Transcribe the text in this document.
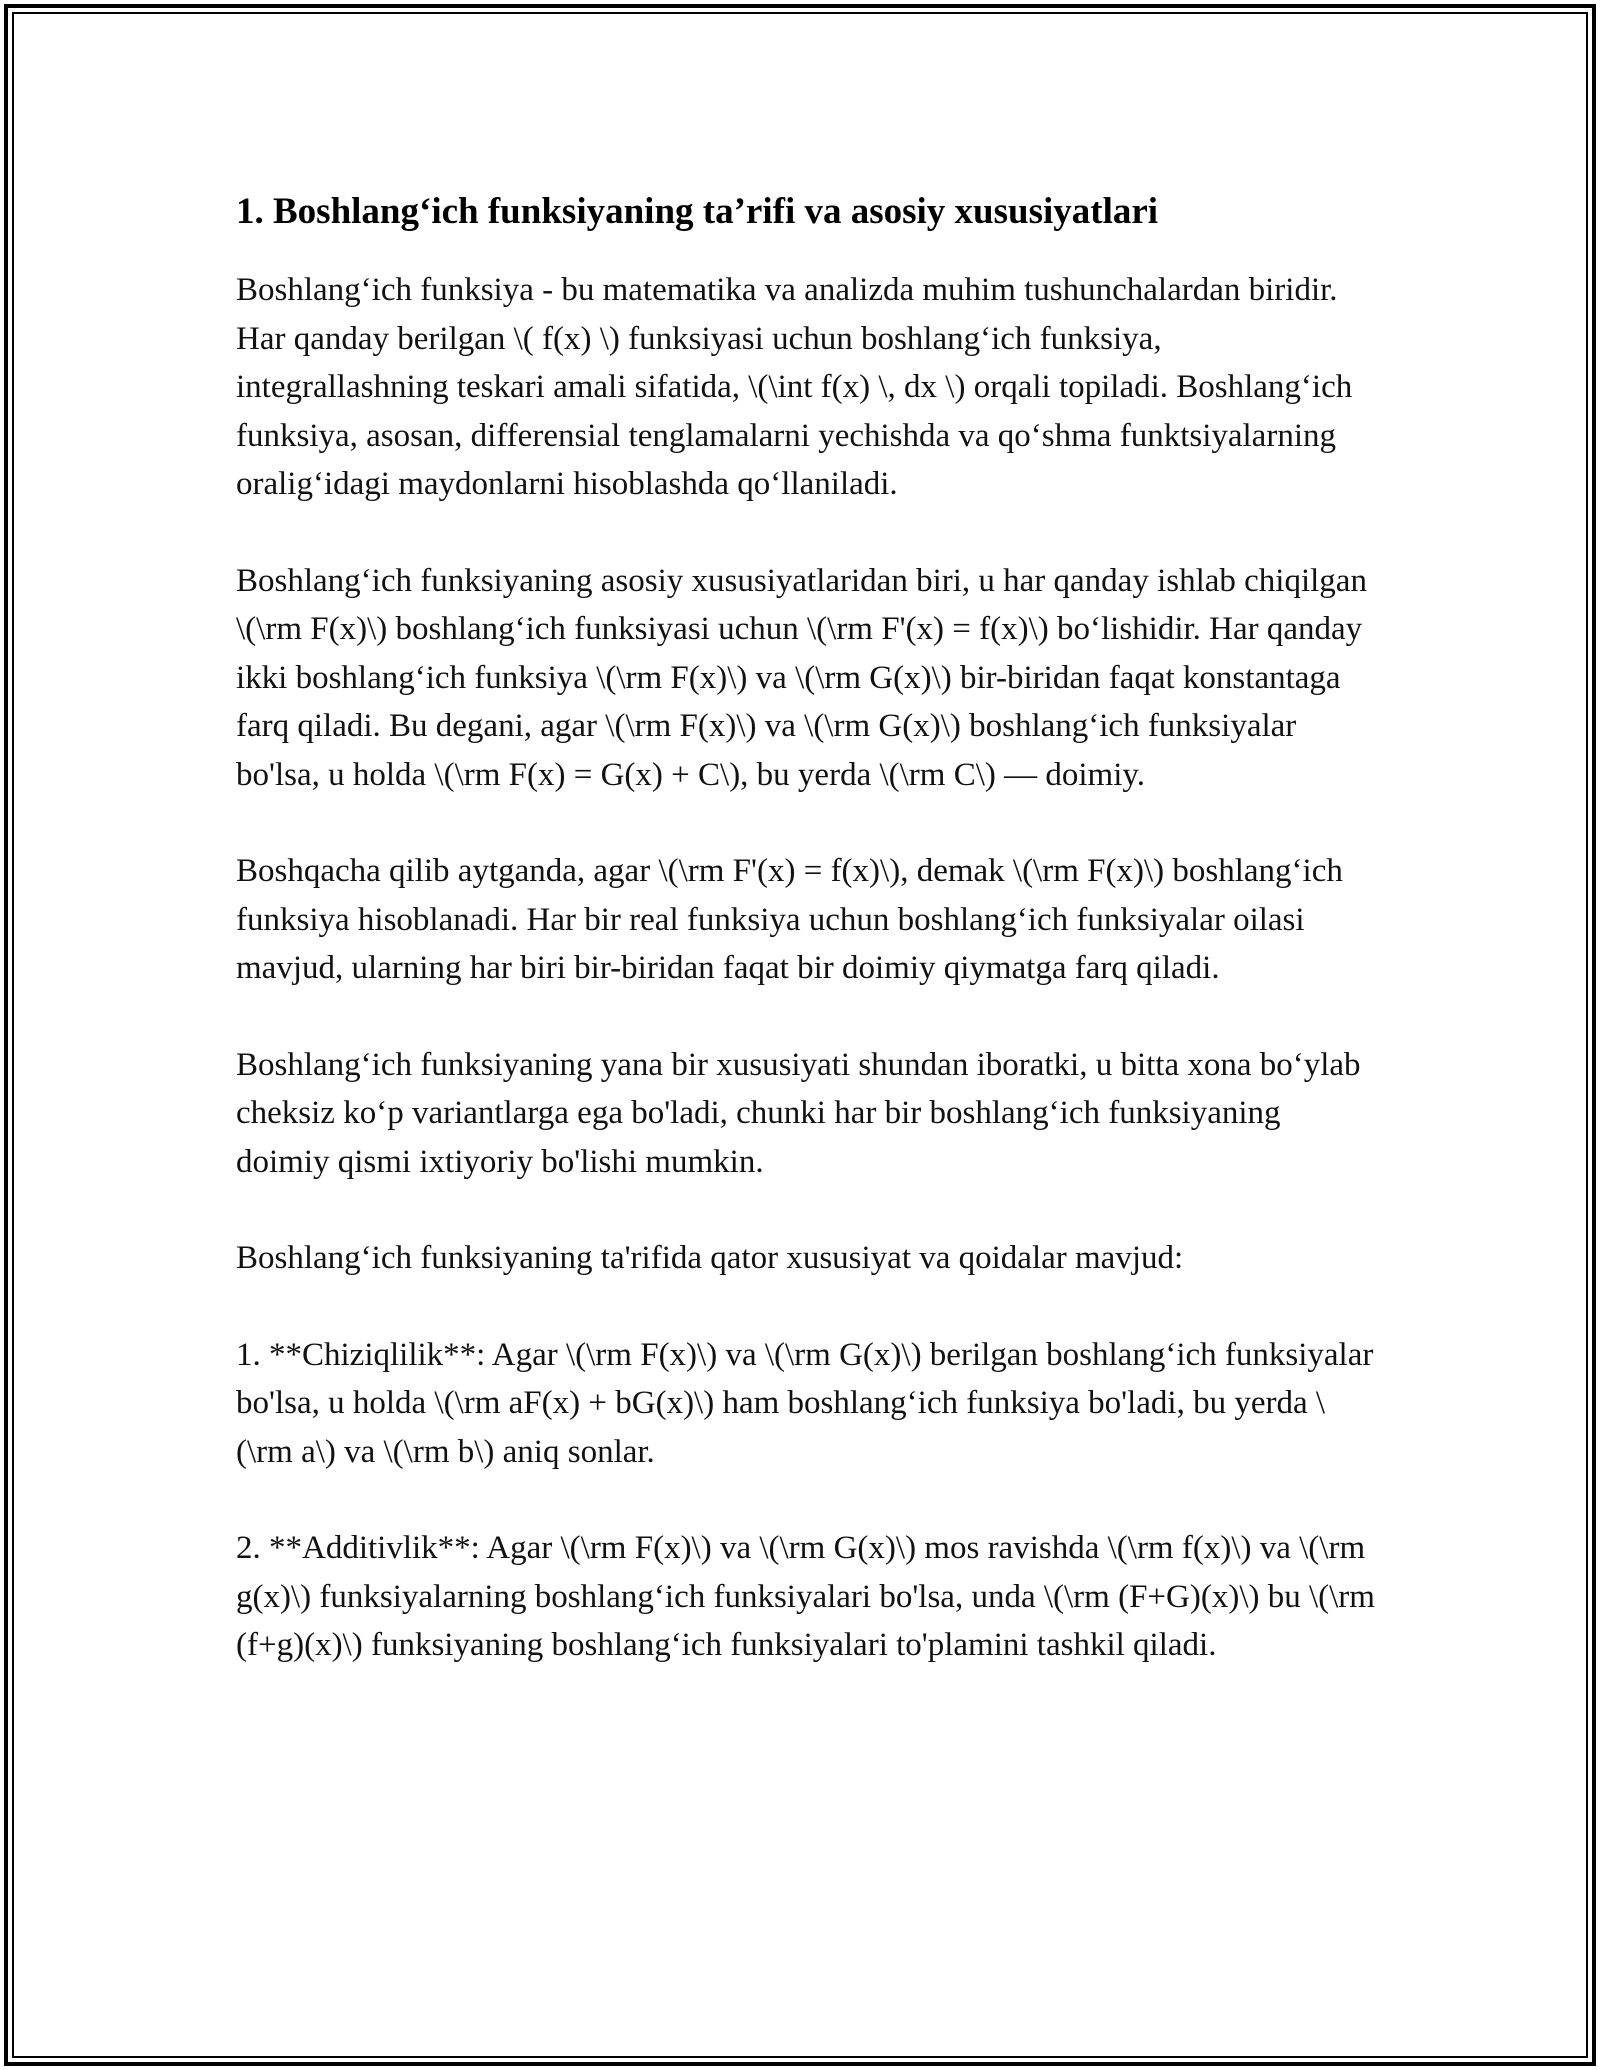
1. Boshlang‘ich funksiyaning ta’rifi va asosiy xususiyatlari

Boshlang‘ich funksiya - bu matematika va analizda muhim tushunchalardan biridir. Har qanday berilgan \( f(x) \) funksiyasi uchun boshlang‘ich funksiya, integrallashning teskari amali sifatida, \(\int f(x) \, dx \) orqali topiladi. Boshlang‘ich funksiya, asosan, differensial tenglamalarni yechishda va qo‘shma funktsiyalarning oralig‘idagi maydonlarni hisoblashda qo‘llaniladi.

Boshlang‘ich funksiyaning asosiy xususiyatlaridan biri, u har qanday ishlab chiqilgan \(\rm F(x)\) boshlang‘ich funksiyasi uchun \(\rm F'(x) = f(x)\) bo‘lishidir. Har qanday ikki boshlang‘ich funksiya \(\rm F(x)\) va \(\rm G(x)\) bir-biridan faqat konstantaga farq qiladi. Bu degani, agar \(\rm F(x)\) va \(\rm G(x)\) boshlang‘ich funksiyalar bo'lsa, u holda \(\rm F(x) = G(x) + C\), bu yerda \(\rm C\) — doimiy.

Boshqacha qilib aytganda, agar \(\rm F'(x) = f(x)\), demak \(\rm F(x)\) boshlang‘ich funksiya hisoblanadi. Har bir real funksiya uchun boshlang‘ich funksiyalar oilasi mavjud, ularning har biri bir-biridan faqat bir doimiy qiymatga farq qiladi.

Boshlang‘ich funksiyaning yana bir xususiyati shundan iboratki, u bitta xona bo‘ylab cheksiz ko‘p variantlarga ega bo'ladi, chunki har bir boshlang‘ich funksiyaning doimiy qismi ixtiyoriy bo'lishi mumkin.

Boshlang‘ich funksiyaning ta'rifida qator xususiyat va qoidalar mavjud:

1. **Chiziqlilik**: Agar \(\rm F(x)\) va \(\rm G(x)\) berilgan boshlang‘ich funksiyalar bo'lsa, u holda \(\rm aF(x) + bG(x)\) ham boshlang‘ich funksiya bo'ladi, bu yerda \(\rm a\) va \(\rm b\) aniq sonlar.

2. **Additivlik**: Agar \(\rm F(x)\) va \(\rm G(x)\) mos ravishda \(\rm f(x)\) va \(\rm g(x)\) funksiyalarning boshlang‘ich funksiyalari bo'lsa, unda \(\rm (F+G)(x)\) bu \(\rm (f+g)(x)\) funksiyaning boshlang‘ich funksiyalari to'plamini tashkil qiladi.
